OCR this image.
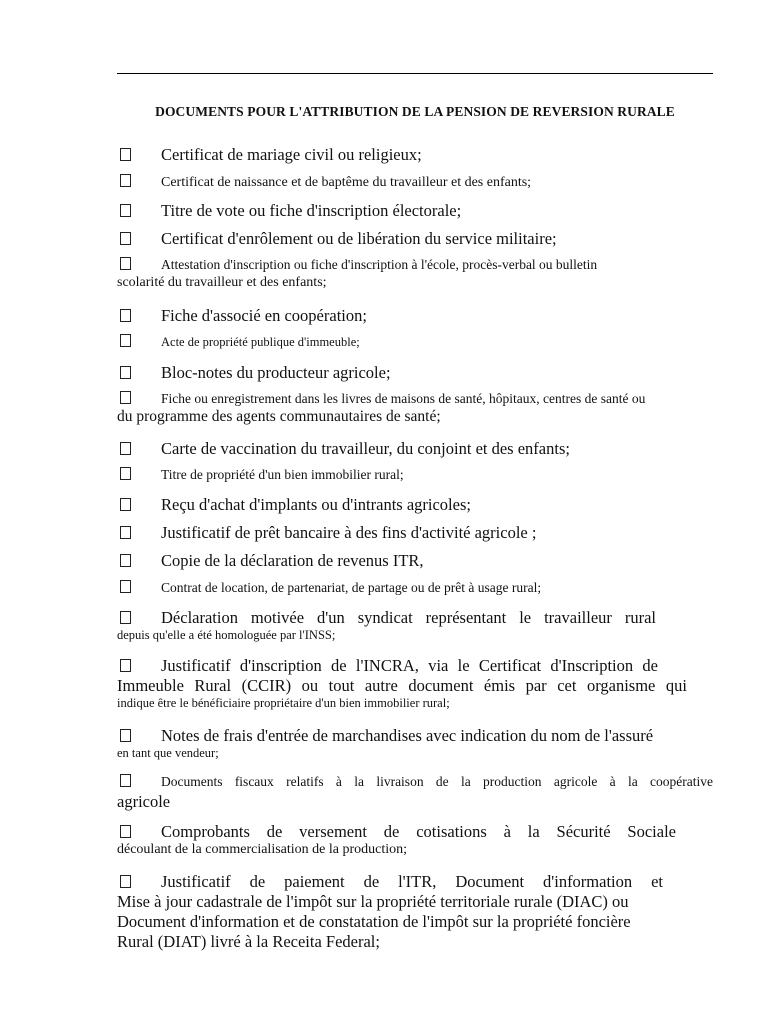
DOCUMENTS POUR L'ATTRIBUTION DE LA PENSION DE REVERSION RURALE
Certificat de mariage civil ou religieux;
Certificat de naissance et de baptême du travailleur et des enfants;
Titre de vote ou fiche d'inscription électorale;
Certificat d'enrôlement ou de libération du service militaire;
Attestation d'inscription ou fiche d'inscription à l'école, procès-verbal ou bulletin
scolarité du travailleur et des enfants;
Fiche d'associé en coopération;
Acte de propriété publique d'immeuble;
Bloc-notes du producteur agricole;
Fiche ou enregistrement dans les livres de maisons de santé, hôpitaux, centres de santé ou
du programme des agents communautaires de santé;
Carte de vaccination du travailleur, du conjoint et des enfants;
Titre de propriété d'un bien immobilier rural;
Reçu d'achat d'implants ou d'intrants agricoles;
Justificatif de prêt bancaire à des fins d'activité agricole ;
Copie de la déclaration de revenus ITR,
Contrat de location, de partenariat, de partage ou de prêt à usage rural;
Déclaration motivée d'un syndicat représentant le travailleur rural
depuis qu'elle a été homologuée par l'INSS;
Justificatif d'inscription de l'INCRA, via le Certificat d'Inscription de
Immeuble Rural (CCIR) ou tout autre document émis par cet organisme qui
indique être le bénéficiaire propriétaire d'un bien immobilier rural;
Notes de frais d'entrée de marchandises avec indication du nom de l'assuré
en tant que vendeur;
Documents fiscaux relatifs à la livraison de la production agricole à la coopérative
agricole
Comprobants de versement de cotisations à la Sécurité Sociale
découlant de la commercialisation de la production;
Justificatif de paiement de l'ITR, Document d'information et
Mise à jour cadastrale de l'impôt sur la propriété territoriale rurale (DIAC) ou
Document d'information et de constatation de l'impôt sur la propriété foncière
Rural (DIAT) livré à la Receita Federal;
